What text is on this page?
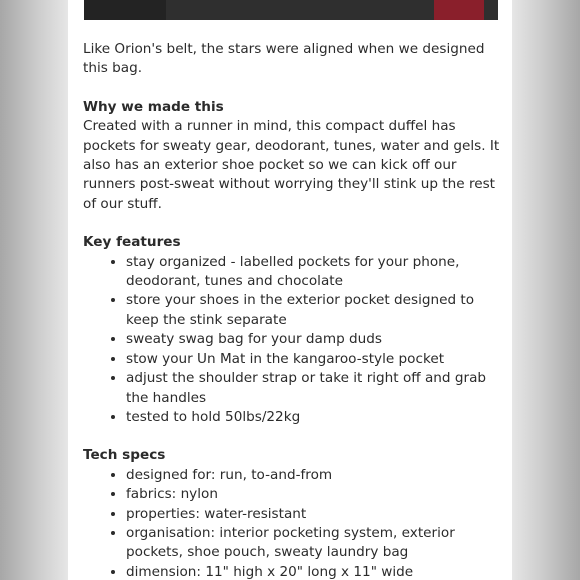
Like Orion's belt, the stars were aligned when we designed this bag.

Why we made this

Created with a runner in mind, this compact duffel has pockets for sweaty gear, deodorant, tunes, water and gels. It also has an exterior shoe pocket so we can kick off our runners post-sweat without worrying they'll stink up the rest of our stuff.

Key features

• stay organized - labelled pockets for your phone, deodorant, tunes and chocolate
• store your shoes in the exterior pocket designed to keep the stink separate
• sweaty swag bag for your damp duds
• stow your Un Mat in the kangaroo-style pocket
• adjust the shoulder strap or take it right off and grab the handles
• tested to hold 50lbs/22kg

Tech specs

• designed for: run, to-and-from
• fabrics: nylon
• properties: water-resistant
• organisation: interior pocketing system, exterior pockets, shoe pouch, sweaty laundry bag
• dimension: 11" high x 20" long x 11" wide
